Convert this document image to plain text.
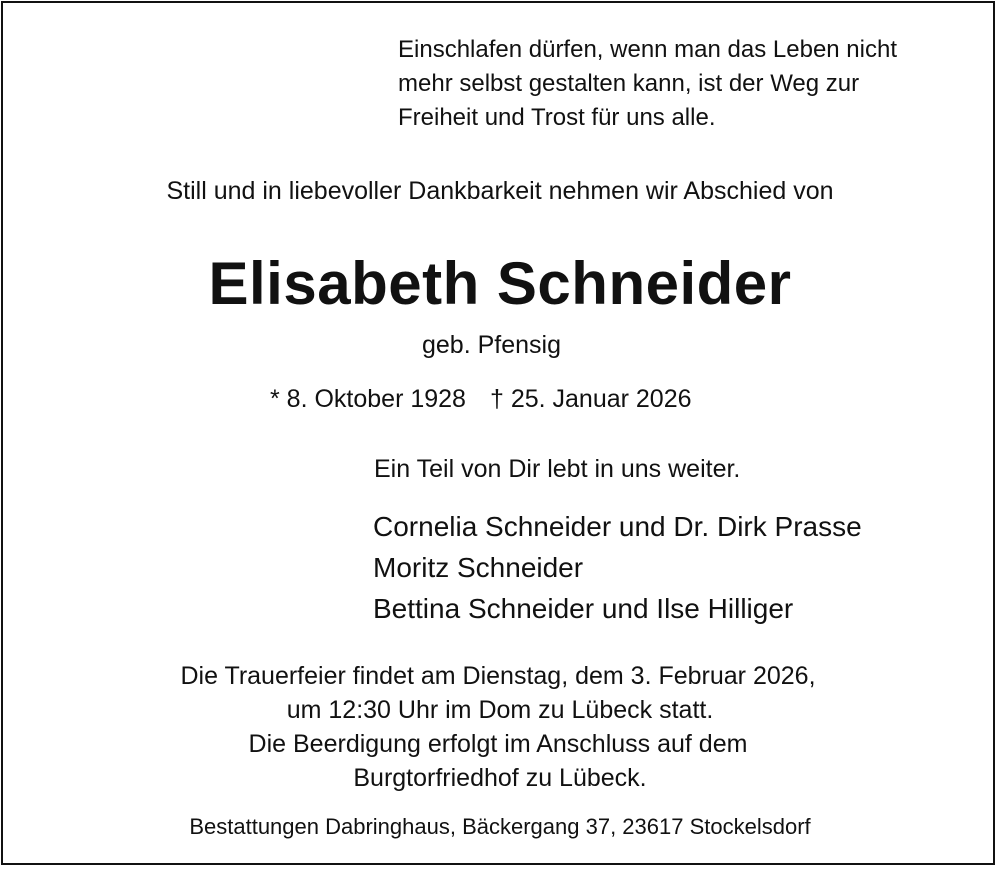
Einschlafen dürfen, wenn man das Leben nicht
mehr selbst gestalten kann, ist der Weg zur
Freiheit und Trost für uns alle.
Still und in liebevoller Dankbarkeit nehmen wir Abschied von
Elisabeth Schneider
geb. Pfensig
* 8. Oktober 1928 † 25. Januar 2026
Ein Teil von Dir lebt in uns weiter.
Cornelia Schneider und Dr. Dirk Prasse
Moritz Schneider
Bettina Schneider und Ilse Hilliger
Die Trauerfeier findet am Dienstag, dem 3. Februar 2026,
um 12:30 Uhr im Dom zu Lübeck statt.
Die Beerdigung erfolgt im Anschluss auf dem
Burgtorfriedhof zu Lübeck.
Bestattungen Dabringhaus, Bäckergang 37, 23617 Stockelsdorf
